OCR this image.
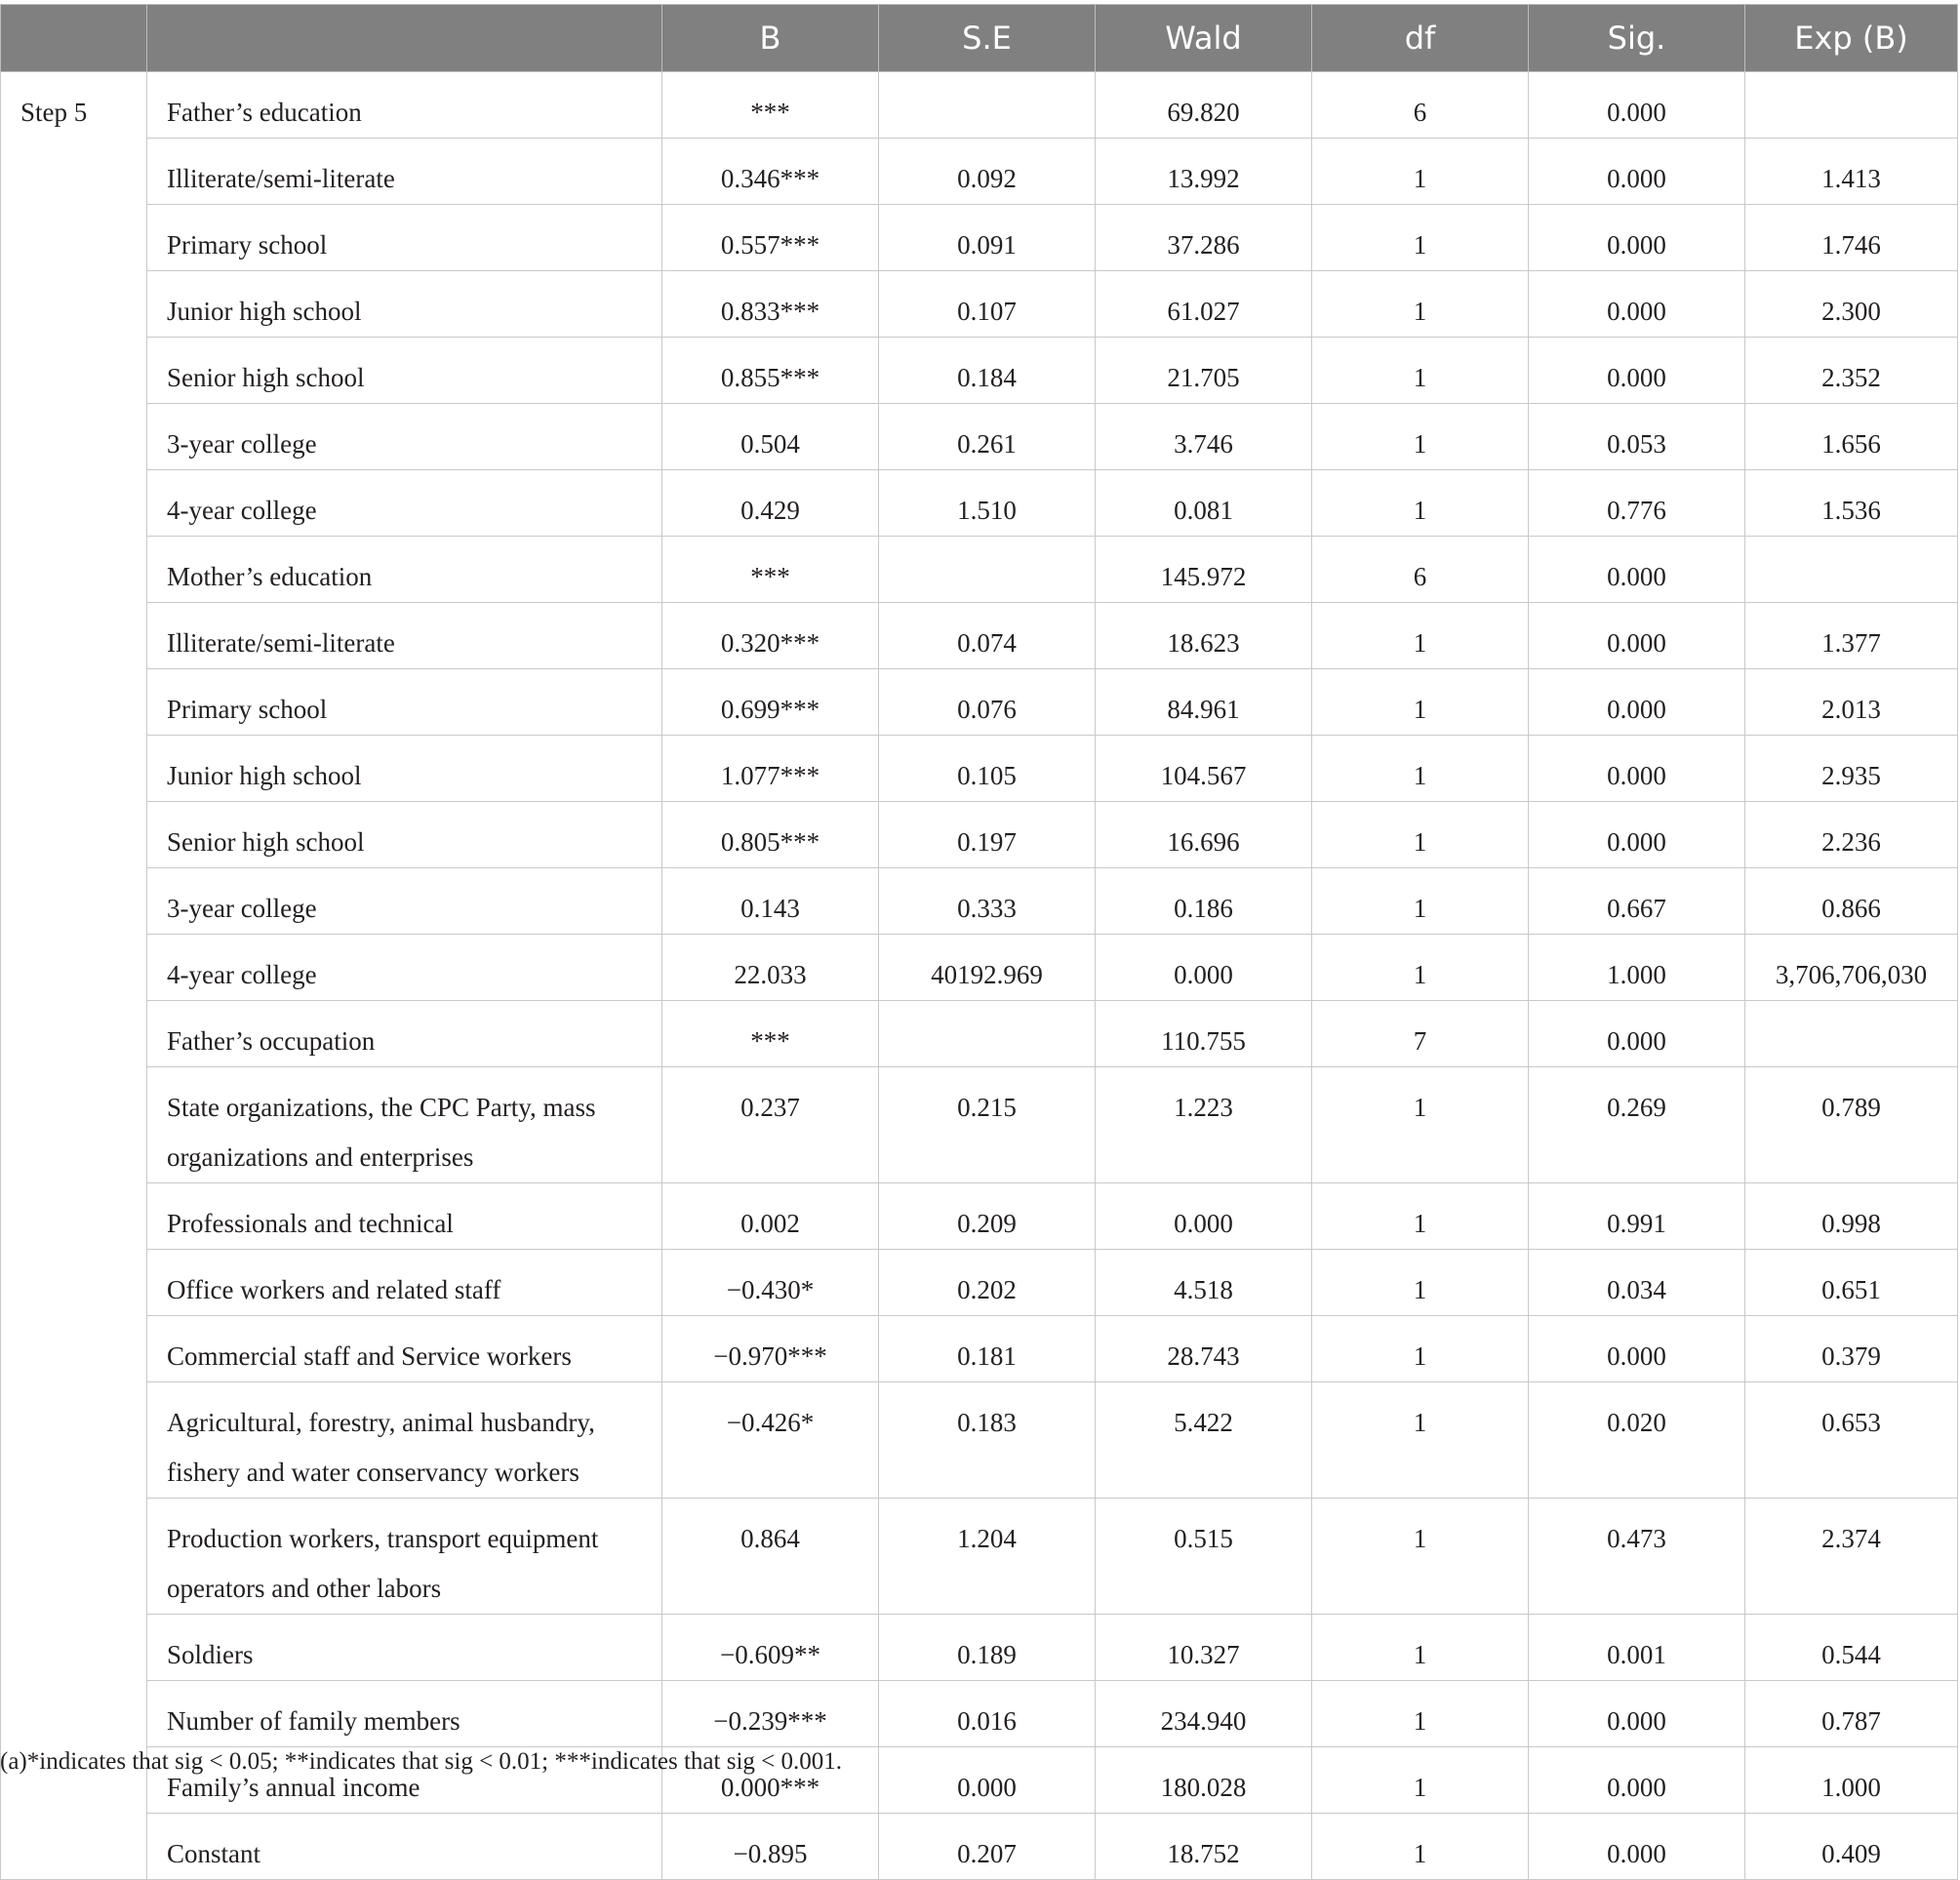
		B	S.E	Wald	df	Sig.	Exp (B)
Step 5	Father’s education	***		69.820	6	0.000	
	Illiterate/semi-literate	0.346***	0.092	13.992	1	0.000	1.413
	Primary school	0.557***	0.091	37.286	1	0.000	1.746
	Junior high school	0.833***	0.107	61.027	1	0.000	2.300
	Senior high school	0.855***	0.184	21.705	1	0.000	2.352
	3-year college	0.504	0.261	3.746	1	0.053	1.656
	4-year college	0.429	1.510	0.081	1	0.776	1.536
	Mother’s education	***		145.972	6	0.000	
	Illiterate/semi-literate	0.320***	0.074	18.623	1	0.000	1.377
	Primary school	0.699***	0.076	84.961	1	0.000	2.013
	Junior high school	1.077***	0.105	104.567	1	0.000	2.935
	Senior high school	0.805***	0.197	16.696	1	0.000	2.236
	3-year college	0.143	0.333	0.186	1	0.667	0.866
	4-year college	22.033	40192.969	0.000	1	1.000	3,706,706,030
	Father’s occupation	***		110.755	7	0.000	
	State organizations, the CPC Party, mass organizations and enterprises	0.237	0.215	1.223	1	0.269	0.789
	Professionals and technical	0.002	0.209	0.000	1	0.991	0.998
	Office workers and related staff	−0.430*	0.202	4.518	1	0.034	0.651
	Commercial staff and Service workers	−0.970***	0.181	28.743	1	0.000	0.379
	Agricultural, forestry, animal husbandry, fishery and water conservancy workers	−0.426*	0.183	5.422	1	0.020	0.653
	Production workers, transport equipment operators and other labors	0.864	1.204	0.515	1	0.473	2.374
	Soldiers	−0.609**	0.189	10.327	1	0.001	0.544
	Number of family members	−0.239***	0.016	234.940	1	0.000	0.787
	Family’s annual income	0.000***	0.000	180.028	1	0.000	1.000
	Constant	−0.895	0.207	18.752	1	0.000	0.409
(a)*indicates that sig < 0.05; **indicates that sig < 0.01; ***indicates that sig < 0.001.
